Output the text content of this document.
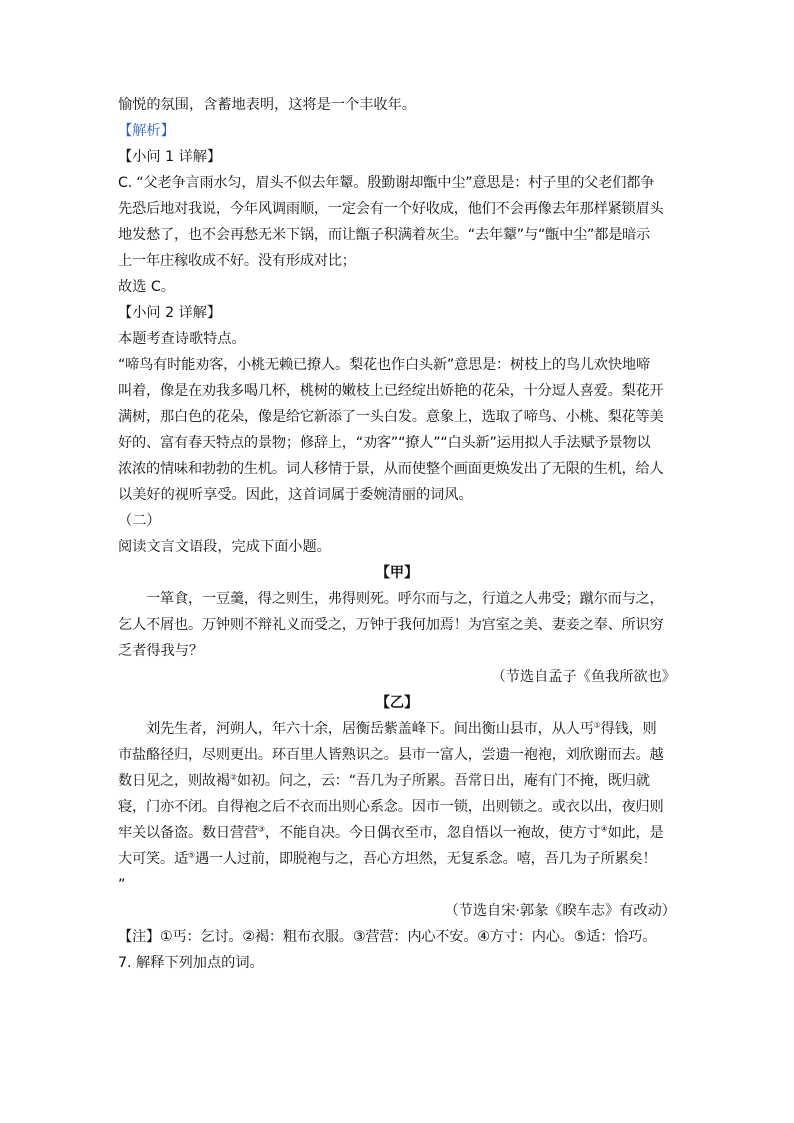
愉悦的氛围，含蓄地表明，这将是一个丰收年。
【解析】
【小问 1 详解】
C. “父老争言雨水匀，眉头不似去年颦。殷勤谢却甑中尘”意思是：村子里的父老们都争
先恐后地对我说，今年风调雨顺，一定会有一个好收成，他们不会再像去年那样紧锁眉头
地发愁了，也不会再愁无米下锅，而让甑子积满着灰尘。“去年颦”与“甑中尘”都是暗示
上一年庄稼收成不好。没有形成对比；
故选 C。
【小问 2 详解】
本题考查诗歌特点。
“啼鸟有时能劝客，小桃无赖已撩人。梨花也作白头新”意思是：树枝上的鸟儿欢快地啼
叫着，像是在劝我多喝几杯，桃树的嫩枝上已经绽出娇艳的花朵，十分逗人喜爱。梨花开
满树，那白色的花朵，像是给它新添了一头白发。意象上，选取了啼鸟、小桃、梨花等美
好的、富有春天特点的景物；修辞上，“劝客”“撩人”“白头新”运用拟人手法赋予景物以
浓浓的情味和勃勃的生机。词人移情于景，从而使整个画面更焕发出了无限的生机，给人
以美好的视听享受。因此，这首词属于委婉清丽的词风。
（二）
阅读文言文语段，完成下面小题。
【甲】
一箪食，一豆羹，得之则生，弗得则死。呼尔而与之，行道之人弗受；蹴尔而与之，
乞人不屑也。万钟则不辩礼义而受之，万钟于我何加焉！为宫室之美、妻妾之奉、所识穷
乏者得我与？
（节选自孟子《鱼我所欲也》
【乙】
刘先生者，河朔人，年六十余，居衡岳紫盖峰下。间出衡山县市，从人丐①得钱，则
市盐酪径归，尽则更出。环百里人皆熟识之。县市一富人，尝遗一袍袍，刘欣谢而去。越
数日见之，则故褐②如初。问之，云：“吾几为子所累。吾常日出，庵有门不掩，既归就
寝，门亦不闭。自得袍之后不衣而出则心系念。因市一锁，出则锁之。或衣以出，夜归则
牢关以备盗。数日营营③，不能自决。今日偶衣至市，忽自悟以一袍故，使方寸④如此，是
大可笑。适⑤遇一人过前，即脱袍与之，吾心方坦然，无复系念。嘻，吾几为子所累矣！
”
（节选自宋·郭彖《睽车志》有改动）
【注】①丐：乞讨。②褐：粗布衣服。③营营：内心不安。④方寸：内心。⑤适：恰巧。
7. 解释下列加点的词。
